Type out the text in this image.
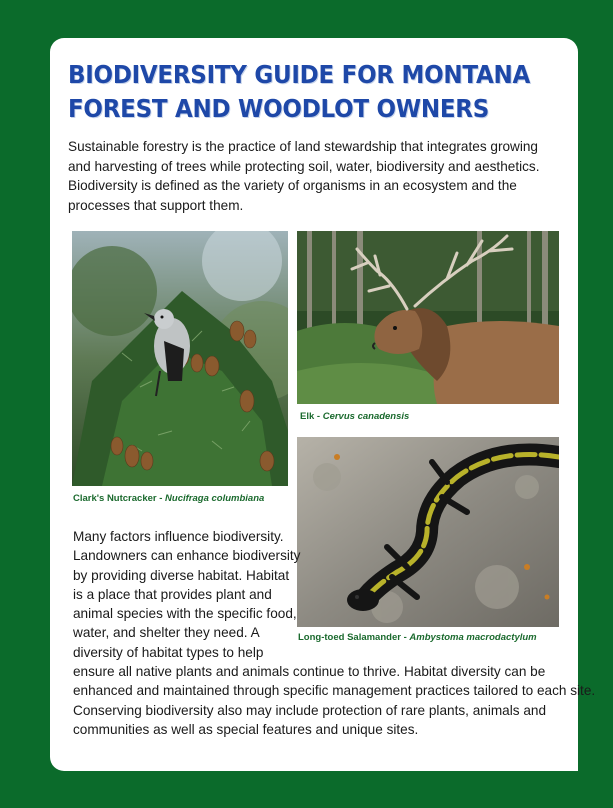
BIODIVERSITY GUIDE FOR MONTANA
FOREST AND WOODLOT OWNERS

Sustainable forestry is the practice of land stewardship that integrates growing and harvesting of trees while protecting soil, water, biodiversity and aesthetics. Biodiversity is defined as the variety of organisms in an ecosystem and the processes that support them.

Clark's Nutcracker - Nucifraga columbiana
Elk - Cervus canadensis
Long-toed Salamander - Ambystoma macrodactylum

Many factors influence biodiversity.
Landowners can enhance biodiversity
by providing diverse habitat. Habitat
is a place that provides plant and
animal species with the specific food,
water, and shelter they need. A
diversity of habitat types to help
ensure all native plants and animals continue to thrive. Habitat diversity can be
enhanced and maintained through specific management practices tailored to each site.
Conserving biodiversity also may include protection of rare plants, animals and
communities as well as special features and unique sites.
